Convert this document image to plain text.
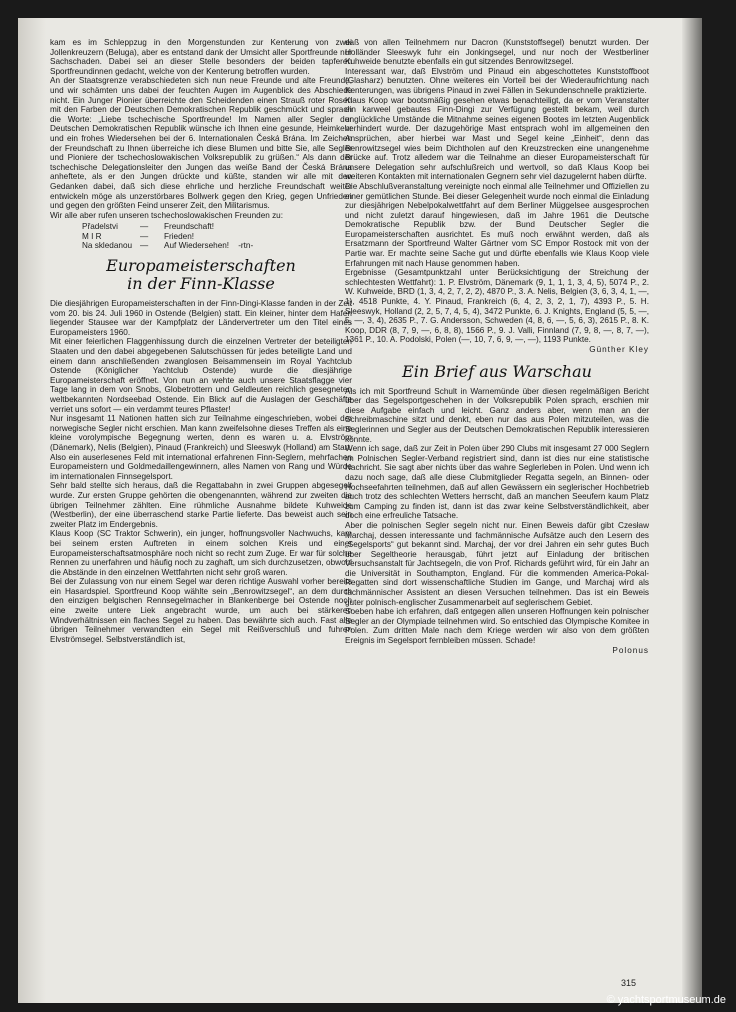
kam es im Schleppzug in den Morgenstunden zur Kenterung von zwei Jollenkreuzern (Beluga), aber es entstand dank der Umsicht aller Sportfreunde nur Sachschaden. Dabei sei an dieser Stelle besonders der beiden tapferen Sportfreundinnen gedacht, welche von der Kenterung betroffen wurden.

An der Staatsgrenze verabschiedeten sich nun neue Freunde und alte Freunde, und wir schämten uns dabei der feuchten Augen im Augenblick des Abschieds nicht. Ein Junger Pionier überreichte den Scheidenden einen Strauß roter Rosen mit den Farben der Deutschen Demokratischen Republik geschmückt und sprach die Worte: „Liebe tschechische Sportfreunde! Im Namen aller Segler der Deutschen Demokratischen Republik wünsche ich Ihnen eine gesunde, Heimkehr und ein frohes Wiedersehen bei der 6. Internationalen Česká Brána. Im Zeichen der Freundschaft zu Ihnen überreiche ich diese Blumen und bitte Sie, alle Segler und Pioniere der tschechoslowakischen Volksrepublik zu grüßen.“ Als dann der tschechische Delegationsleiter den Jungen das weiße Band der Česká Brána anheftete, als er den Jungen drückte und küßte, standen wir alle mit den Gedanken dabei, daß sich diese ehrliche und herzliche Freundschaft weiter entwickeln möge als unzerstörbares Bollwerk gegen den Krieg, gegen Unfrieden und gegen den größten Feind unserer Zeit, den Militarismus.

Wir alle aber rufen unseren tschechoslowakischen Freunden zu:

Přadelstvi	—	Freundschaft!
M I R	—	Frieden!
Na skledanou —	Auf Wiedersehen! -rtn-
Europameisterschaften
in der Finn-Klasse

Die diesjährigen Europameisterschaften in der Finn-Dingi-Klasse fanden in der Zeit vom 20. bis 24. Juli 1960 in Ostende (Belgien) statt. Ein kleiner, hinter dem Hafen liegender Stausee war der Kampfplatz der Ländervertreter um den Titel eines Europameisters 1960.

Mit einer feierlichen Flaggenhissung durch die einzelnen Vertreter der beteiligten Staaten und den dabei abgegebenen Salutschüssen für jedes beteiligte Land und einem dann anschließenden zwanglosen Beisammensein im Royal Yachtclub Ostende (Königlicher Yachtclub Ostende) wurde die diesjährige Europameisterschaft eröffnet. Von nun an wehte auch unsere Staatsflagge vier Tage lang in dem von Snobs, Globetrottern und Geldleuten reichlich gesegneten weltbekannten Nordseebad Ostende. Ein Blick auf die Auslagen der Geschäfte verriet uns sofort — ein verdammt teures Pflaster!

Nur insgesamt 11 Nationen hatten sich zur Teilnahme eingeschrieben, wobei der norwegische Segler nicht erschien. Man kann zweifelsohne dieses Treffen als eine kleine vorolympische Begegnung werten, denn es waren u. a. Elvström (Dänemark), Nelis (Belgien), Pinaud (Frankreich) und Sleeswyk (Holland) am Start. Also ein auserlesenes Feld mit international erfahrenen Finn-Seglern, mehrfachen Europameistern und Goldmedaillengewinnern, alles Namen von Rang und Würde im internationalen Finnsegelsport.

Sehr bald stellte sich heraus, daß die Regattabahn in zwei Gruppen abgesegelt wurde. Zur ersten Gruppe gehörten die obengenannten, während zur zweiten die übrigen Teilnehmer zählten. Eine rühmliche Ausnahme bildete Kuhweide (Westberlin), der eine überraschend starke Partie lieferte. Das beweist auch sein zweiter Platz im Endergebnis.

Klaus Koop (SC Traktor Schwerin), ein junger, hoffnungsvoller Nachwuchs, kam bei seinem ersten Auftreten in einem solchen Kreis und einer Europameisterschaftsatmosphäre noch nicht so recht zum Zuge. Er war für solche Rennen zu unerfahren und häufig noch zu zaghaft, um sich durchzusetzen, obwohl die Abstände in den einzelnen Wettfahrten nicht sehr groß waren.

Bei der Zulassung von nur einem Segel war deren richtige Auswahl vorher bereits ein Hasardspiel. Sportfreund Koop wählte sein „Benrowitzsegel“, an dem durch den einzigen belgischen Rennsegelmacher in Blankenberge bei Ostende noch eine zweite untere Liek angebracht wurde, um auch bei stärkeren Windverhältnissen ein flaches Segel zu haben. Das bewährte sich auch. Fast alle übrigen Teilnehmer verwandten ein Segel mit Reißverschluß und fuhren Elvströmsegel. Selbstverständlich ist,

daß von allen Teilnehmern nur Dacron (Kunststoffsegel) benutzt wurden. Der Holländer Sleeswyk fuhr ein Jonkingsegel, und nur noch der Westberliner Kuhweide benutzte ebenfalls ein gut sitzendes Benrowitzsegel.

Interessant war, daß Elvström und Pinaud ein abgeschottetes Kunststoffboot (Glasharz) benutzten. Ohne weiteres ein Vorteil bei der Wiederaufrichtung nach Kenterungen, was übrigens Pinaud in zwei Fällen in Sekundenschnelle praktizierte.

Klaus Koop war bootsmäßig gesehen etwas benachteiligt, da er vom Veranstalter ein karweel gebautes Finn-Dingi zur Verfügung gestellt bekam, weil durch unglückliche Umstände die Mitnahme seines eigenen Bootes im letzten Augenblick verhindert wurde. Der dazugehörige Mast entsprach wohl im allgemeinen den Ansprüchen, aber hierbei war Mast und Segel keine „Einheit“, denn das Benrowitzsegel wies beim Dichtholen auf den Kreuzstrecken eine unangenehme Brücke auf. Trotz alledem war die Teilnahme an dieser Europameisterschaft für unsere Delegation sehr aufschlußreich und wertvoll, so daß Klaus Koop bei weiteren Kontakten mit internationalen Gegnern sehr viel dazugelernt haben dürfte.

Die Abschlußveranstaltung vereinigte noch einmal alle Teilnehmer und Offiziellen zu einer gemütlichen Stunde. Bei dieser Gelegenheit wurde noch einmal die Einladung zur diesjährigen Nebelpokalwettfahrt auf dem Berliner Müggelsee ausgesprochen und nicht zuletzt darauf hingewiesen, daß im Jahre 1961 die Deutsche Demokratische Republik bzw. der Bund Deutscher Segler die Europameisterschaften ausrichtet. Es muß noch erwähnt werden, daß als Ersatzmann der Sportfreund Walter Gärtner vom SC Empor Rostock mit von der Partie war. Er machte seine Sache gut und dürfte ebenfalls wie Klaus Koop viele Erfahrungen mit nach Hause genommen haben.

Ergebnisse (Gesamtpunktzahl unter Berücksichtigung der Streichung der schlechtesten Wettfahrt): 1. P. Elvström, Dänemark (9, 1, 1, 1, 3, 4, 5), 5074 P., 2. W. Kuhweide, BRD (1, 3, 4, 2, 7, 2, 2), 4870 P., 3. A. Nelis, Belgien (3, 6, 3, 4, 1, —, 1), 4518 Punkte, 4. Y. Pinaud, Frankreich (6, 4, 2, 3, 2, 1, 7), 4393 P., 5. H. Sleeswyk, Holland (2, 2, 5, 7, 4, 5, 4), 3472 Punkte, 6. J. Knights, England (5, 5, —, 5, —, 3, 4), 2635 P., 7. G. Andersson, Schweden (4, 8, 6, —, 5, 6, 3), 2615 P., 8. K. Koop, DDR (8, 7, 9, —, 6, 8, 8), 1566 P., 9. J. Valli, Finnland (7, 9, 8, —, 8, 7, —), 1361 P., 10. A. Podolski, Polen (—, 10, 7, 6, 9, —, —), 1193 Punkte.

Günther Kley

Ein Brief aus Warschau

Als ich mit Sportfreund Schult in Warnemünde über diesen regelmäßigen Bericht über das Segelsportgeschehen in der Volksrepublik Polen sprach, erschien mir diese Aufgabe einfach und leicht. Ganz anders aber, wenn man an der Schreibmaschine sitzt und denkt, eben nur das aus Polen mitzuteilen, was die Seglerinnen und Segler aus der Deutschen Demokratischen Republik interessieren könnte.

Wenn ich sage, daß zur Zeit in Polen über 290 Clubs mit insgesamt 27 000 Seglern im Polnischen Segler-Verband registriert sind, dann ist dies nur eine statistische Nachricht. Sie sagt aber nichts über das wahre Seglerleben in Polen. Und wenn ich dazu noch sage, daß alle diese Clubmitglieder Regatta segeln, an Binnen- oder Hochseefahrten teilnehmen, daß auf allen Gewässern ein seglerischer Hochbetrieb auch trotz des schlechten Wetters herrscht, daß an manchen Seeufern kaum Platz zum Camping zu finden ist, dann ist das zwar keine Selbstverständlichkeit, aber doch eine erfreuliche Tatsache.

Aber die polnischen Segler segeln nicht nur. Einen Beweis dafür gibt Czesław Marchaj, dessen interessante und fachmännische Aufsätze auch den Lesern des „Segelsports“ gut bekannt sind. Marchaj, der vor drei Jahren ein sehr gutes Buch über Segeltheorie herausgab, führt jetzt auf Einladung der britischen Versuchsanstalt für Jachtsegeln, die von Prof. Richards geführt wird, für ein Jahr an die Universität in Southampton, England. Für die kommenden America-Pokal-Regatten sind dort wissenschaftliche Studien im Gange, und Marchaj wird als fachmännischer Assistent an diesen Versuchen teilnehmen. Das ist ein Beweis guter polnisch-englischer Zusammenarbeit auf seglerischem Gebiet.

Soeben habe ich erfahren, daß entgegen allen unseren Hoffnungen kein polnischer Segler an der Olympiade teilnehmen wird. So entschied das Olympische Komitee in Polen. Zum dritten Male nach dem Kriege werden wir also von dem größten Ereignis im Segelsport fernbleiben müssen. Schade!

Polonus

315
© yachtsportmuseum.de
